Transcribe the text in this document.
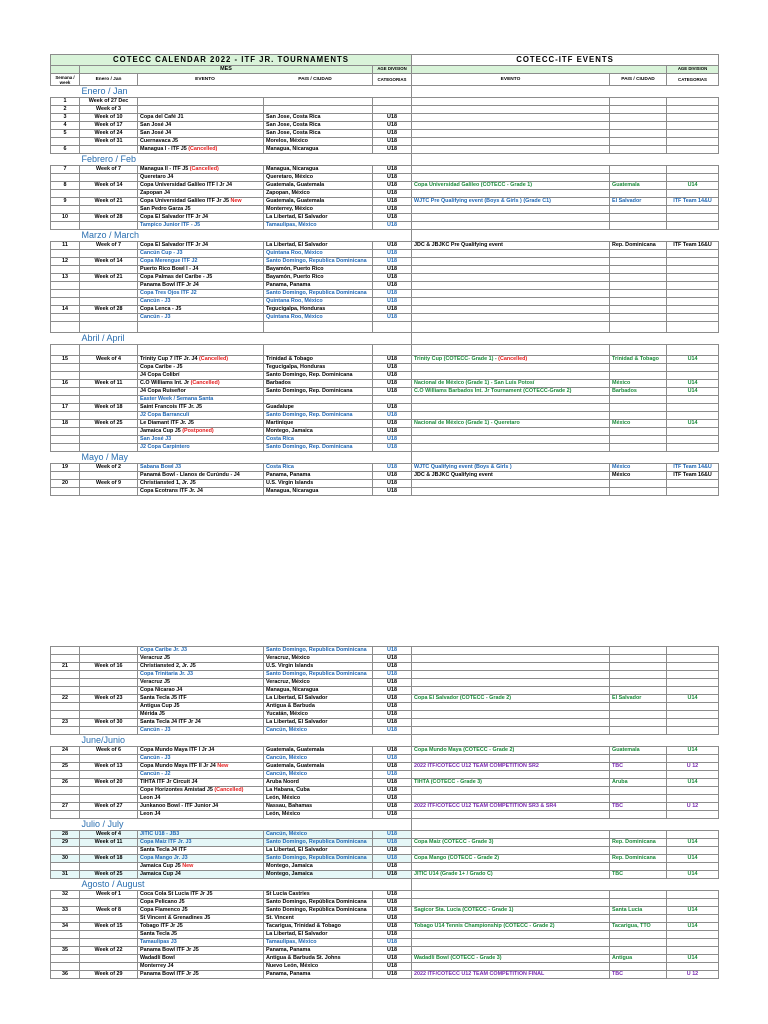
COTECC CALENDAR 2022 - ITF JR. TOURNAMENTS					COTECC-ITF EVENTS		
	MES			AGE DIVISION			AGE DIVISION
Semana / week	Enero / Jan	EVENTO PAIS / CIUDAD		CATEGORIAS	EVENTO	PAIS / CIUDAD	CATEGORIAS
Enero / Jan							
1	Week of 27 Dec						
2	Week of 3						
3	Week of 10	Copa del Café J1	San Jose, Costa Rica	U18			
4	Week of 17	San José J4	San Jose, Costa Rica	U18			
5	Week of 24	San José J4	San Jose, Costa Rica	U18			
	Week of 31	Cuernavaca J5	Morelos, México	U18			
6		Managua I - ITF J5 (Cancelled)	Managua, Nicaragua	U18			
Febrero / Feb							
7	Week of 7	Managua II - ITF J5 (Cancelled)	Managua, Nicaragua	U18			
		Queretaro J4	Queretaro, México	U18			
8	Week of 14	Copa Universidad Galileo ITF I Jr J4	Guatemala, Guatemala	U18	Copa Universidad Galileo (COTECC - Grade 1)	Guatemala	U14
		Zapopan J4	Zapopan, México	U18			
9	Week of 21	Copa Universidad Galileo ITF Jr J5 New	Guatemala, Guatemala	U18	WJTC Pre Qualifying event (Boys & Girls ) (Grade C1)	El Salvador	ITF Team 14&U
		San Pedro Garza J5	Monterrey, México	U18			
10	Week of 28	Copa El Salvador ITF Jr J4	La Libertad, El Salvador	U18			
		Tampico Junior ITF - J5	Tamaulipas, México	U18			
Marzo / March							
11	Week of 7	Copa El Salvador ITF Jr J4	La Libertad, El Salvador	U18	JDC & JBJKC Pre Qualifying event	Rep. Dominicana	ITF Team 16&U
		Cancún Cup - J3	Quintana Roo, México	U18			
12	Week of 14	Copa Merengue ITF J2	Santo Domingo, Republica Dominicana	U18			
		Puerto Rico Bowl I - J4	Bayamón, Puerto Rico	U18			
13	Week of 21	Copa Palmas del Caribe - J5	Bayamón, Puerto Rico	U18			
		Panama Bowl ITF Jr J4	Panama, Panama	U18			
		Copa Tres Ojos ITF J2	Santo Domingo, Republica Dominicana	U18			
		Cancún - J3	Quintana Roo, México	U18			
14	Week of 28	Copa Lenca - J5	Tegucigalpa, Honduras	U18			
		Cancún - J3	Quintana Roo, México	U18			

Abril / April							

15	Week of 4	Trinity Cup 7 ITF Jr. J4 (Cancelled)	Trinidad & Tobago	U18	Trinity Cup (COTECC- Grade 1) - (Cancelled)	Trinidad & Tobago	U14
		Copa Caribe - J5	Tegucigalpa, Honduras	U18			
		J4 Copa Colibrí	Santo Domingo, Rep. Dominicana	U18			
16	Week of 11	C.O Williams Int. Jr (Cancelled)	Barbados	U18	Nacional de México (Grade 1) - San Luis Potosí	México	U14
		J4 Copa Ruiseñor	Santo Domingo, Rep. Dominicana	U18	C.O Williams Barbados Int. Jr Tournament (COTECC-Grade 2)	Barbados	U14
		Easter Week / Semana Santa					
17	Week of 18	Saint Francois ITF Jr. J5	Guadalupe	U18			
		J2 Copa Barranculí	Santo Domingo, Rep. Dominicana	U18			
18	Week of 25	Le Diamant ITF Jr. J5	Martinique	U18	Nacional de México (Grade 1) - Queretaro	México	U14
		Jamaica Cup J5 (Postponed)	Montego, Jamaica	U18			
		San José J3	Costa Rica	U18			
		J2 Copa Carpintero	Santo Domingo, Rep. Dominicana	U18			
Mayo / May							
19	Week of 2	Sabana Bowl J3	Costa Rica	U18	WJTC Qualifying event (Boys & Girls )	México	ITF Team 14&U
		Panamá Bowl - Llanos de Curúndu - J4	Panama, Panama	U18	JDC & JBJKC Qualifying event	México	ITF Team 16&U
20	Week of 9	Christiansted 1, Jr. J5	U.S. Virgin Islands	U18			
		Copa Ecotrans ITF Jr. J4	Managua, Nicaragua	U18			
		Copa Caribe Jr. J3	Santo Domingo, Republica Dominicana	U18			
		Veracruz J5	Veracruz, México	U18			
21	Week of 16	Christiansted 2, Jr. J5	U.S. Virgin Islands	U18			
		Copa Trinitaria Jr. J3	Santo Domingo, Republica Dominicana	U18			
		Veracruz J5	Veracruz, México	U18			
		Copa Nicarao J4	Managua, Nicaragua	U18			
22	Week of 23	Santa Tecla J5 ITF	La Libertad, El Salvador	U18	Copa El Salvador (COTECC - Grade 2)	El Salvador	U14
		Antigua Cup J5	Antigua & Barbuda	U18			
		Mérida J5	Yucatán, México	U18			
23	Week of 30	Santa Tecla J4 ITF Jr J4	La Libertad, El Salvador	U18			
		Cancún - J3	Cancún, México	U18			
June/Junio							
24	Week of 6	Copa Mundo Maya ITF I Jr J4	Guatemala, Guatemala	U18	Copa Mundo Maya (COTECC - Grade 2)	Guatemala	U14
		Cancún - J3	Cancún, México	U18			
25	Week of 13	Copa Mundo Maya ITF II Jr J4 New	Guatemala, Guatemala	U18	2022 ITF/COTECC U12 TEAM COMPETITION SR2	TBC	U 12
		Cancún - J2	Cancún, México	U18			
26	Week of 20	TIHTA ITF Jr Circuit J4	Aruba Noord	U18	TIHTA (COTECC - Grade 3)	Aruba	U14
		Cope Horizontes Amistad J5 (Cancelled)	La Habana, Cuba	U18			
		Leon J4	León, México	U18			
27	Week of 27	Junkanoo Bowl - ITF Junior J4	Nassau, Bahamas	U18	2022 ITF/COTECC U12 TEAM COMPETITION SR3 & SR4	TBC	U 12
		Leon J4	León, México	U18			
Julio / July							
28	Week of 4	JITIC U18 - JB3	Cancún, México	U18			
29	Week of 11	Copa Maíz ITF Jr. J3	Santo Domingo, Republica Dominicana	U18	Copa Maíz (COTECC - Grade 3)	Rep. Dominicana	U14
		Santa Tecla J4 ITF	La Libertad, El Salvador	U18			
30	Week of 18	Copa Mango Jr. J3	Santo Domingo, Republica Dominicana	U18	Copa Mango (COTECC - Grade 2)	Rep. Dominicana	U14
		Jamaica Cup J5 New	Montego, Jamaica	U18			
31	Week of 25	Jamaica Cup J4	Montego, Jamaica	U18	JITIC U14 (Grade 1+ / Grado C)	TBC	U14
Agosto / August							
32	Week of 1	Coca Cola St Lucia ITF Jr J5	St Lucia Castries	U18			
		Copa Pelicano J5	Santo Domingo, República Dominicana	U18			
33	Week of 8	Copa Flamenco J5	Santo Domingo, República Dominicana	U18	Sagicor Sta. Lucia (COTECC - Grade 1)	Santa Lucia	U14
		St Vincent & Grenadines J5	St. Vincent	U18			
34	Week of 15	Tobago ITF Jr J5	Tacarigua, Trinidad & Tobago	U18	Tobago U14 Tennis Championship (COTECC - Grade 2)	Tacarigua, TTO	U14
		Santa Tecla J5	La Libertad, El Salvador	U18			
		Tamaulipas J3	Tamaulipas, México	U18			
35	Week of 22	Panama Bowl ITF Jr J5	Panama, Panama	U18			
		Wadadli Bowl	Antigua & Barbuda St. Johns	U18	Wadadli Bowl (COTECC - Grade 3)	Antigua	U14
		Monterrey J4	Nuevo León, México	U18			
36	Week of 29	Panama Bowl ITF Jr J5	Panama, Panama	U18	2022 ITF/COTECC U12 TEAM COMPETITION FINAL	TBC	U 12
